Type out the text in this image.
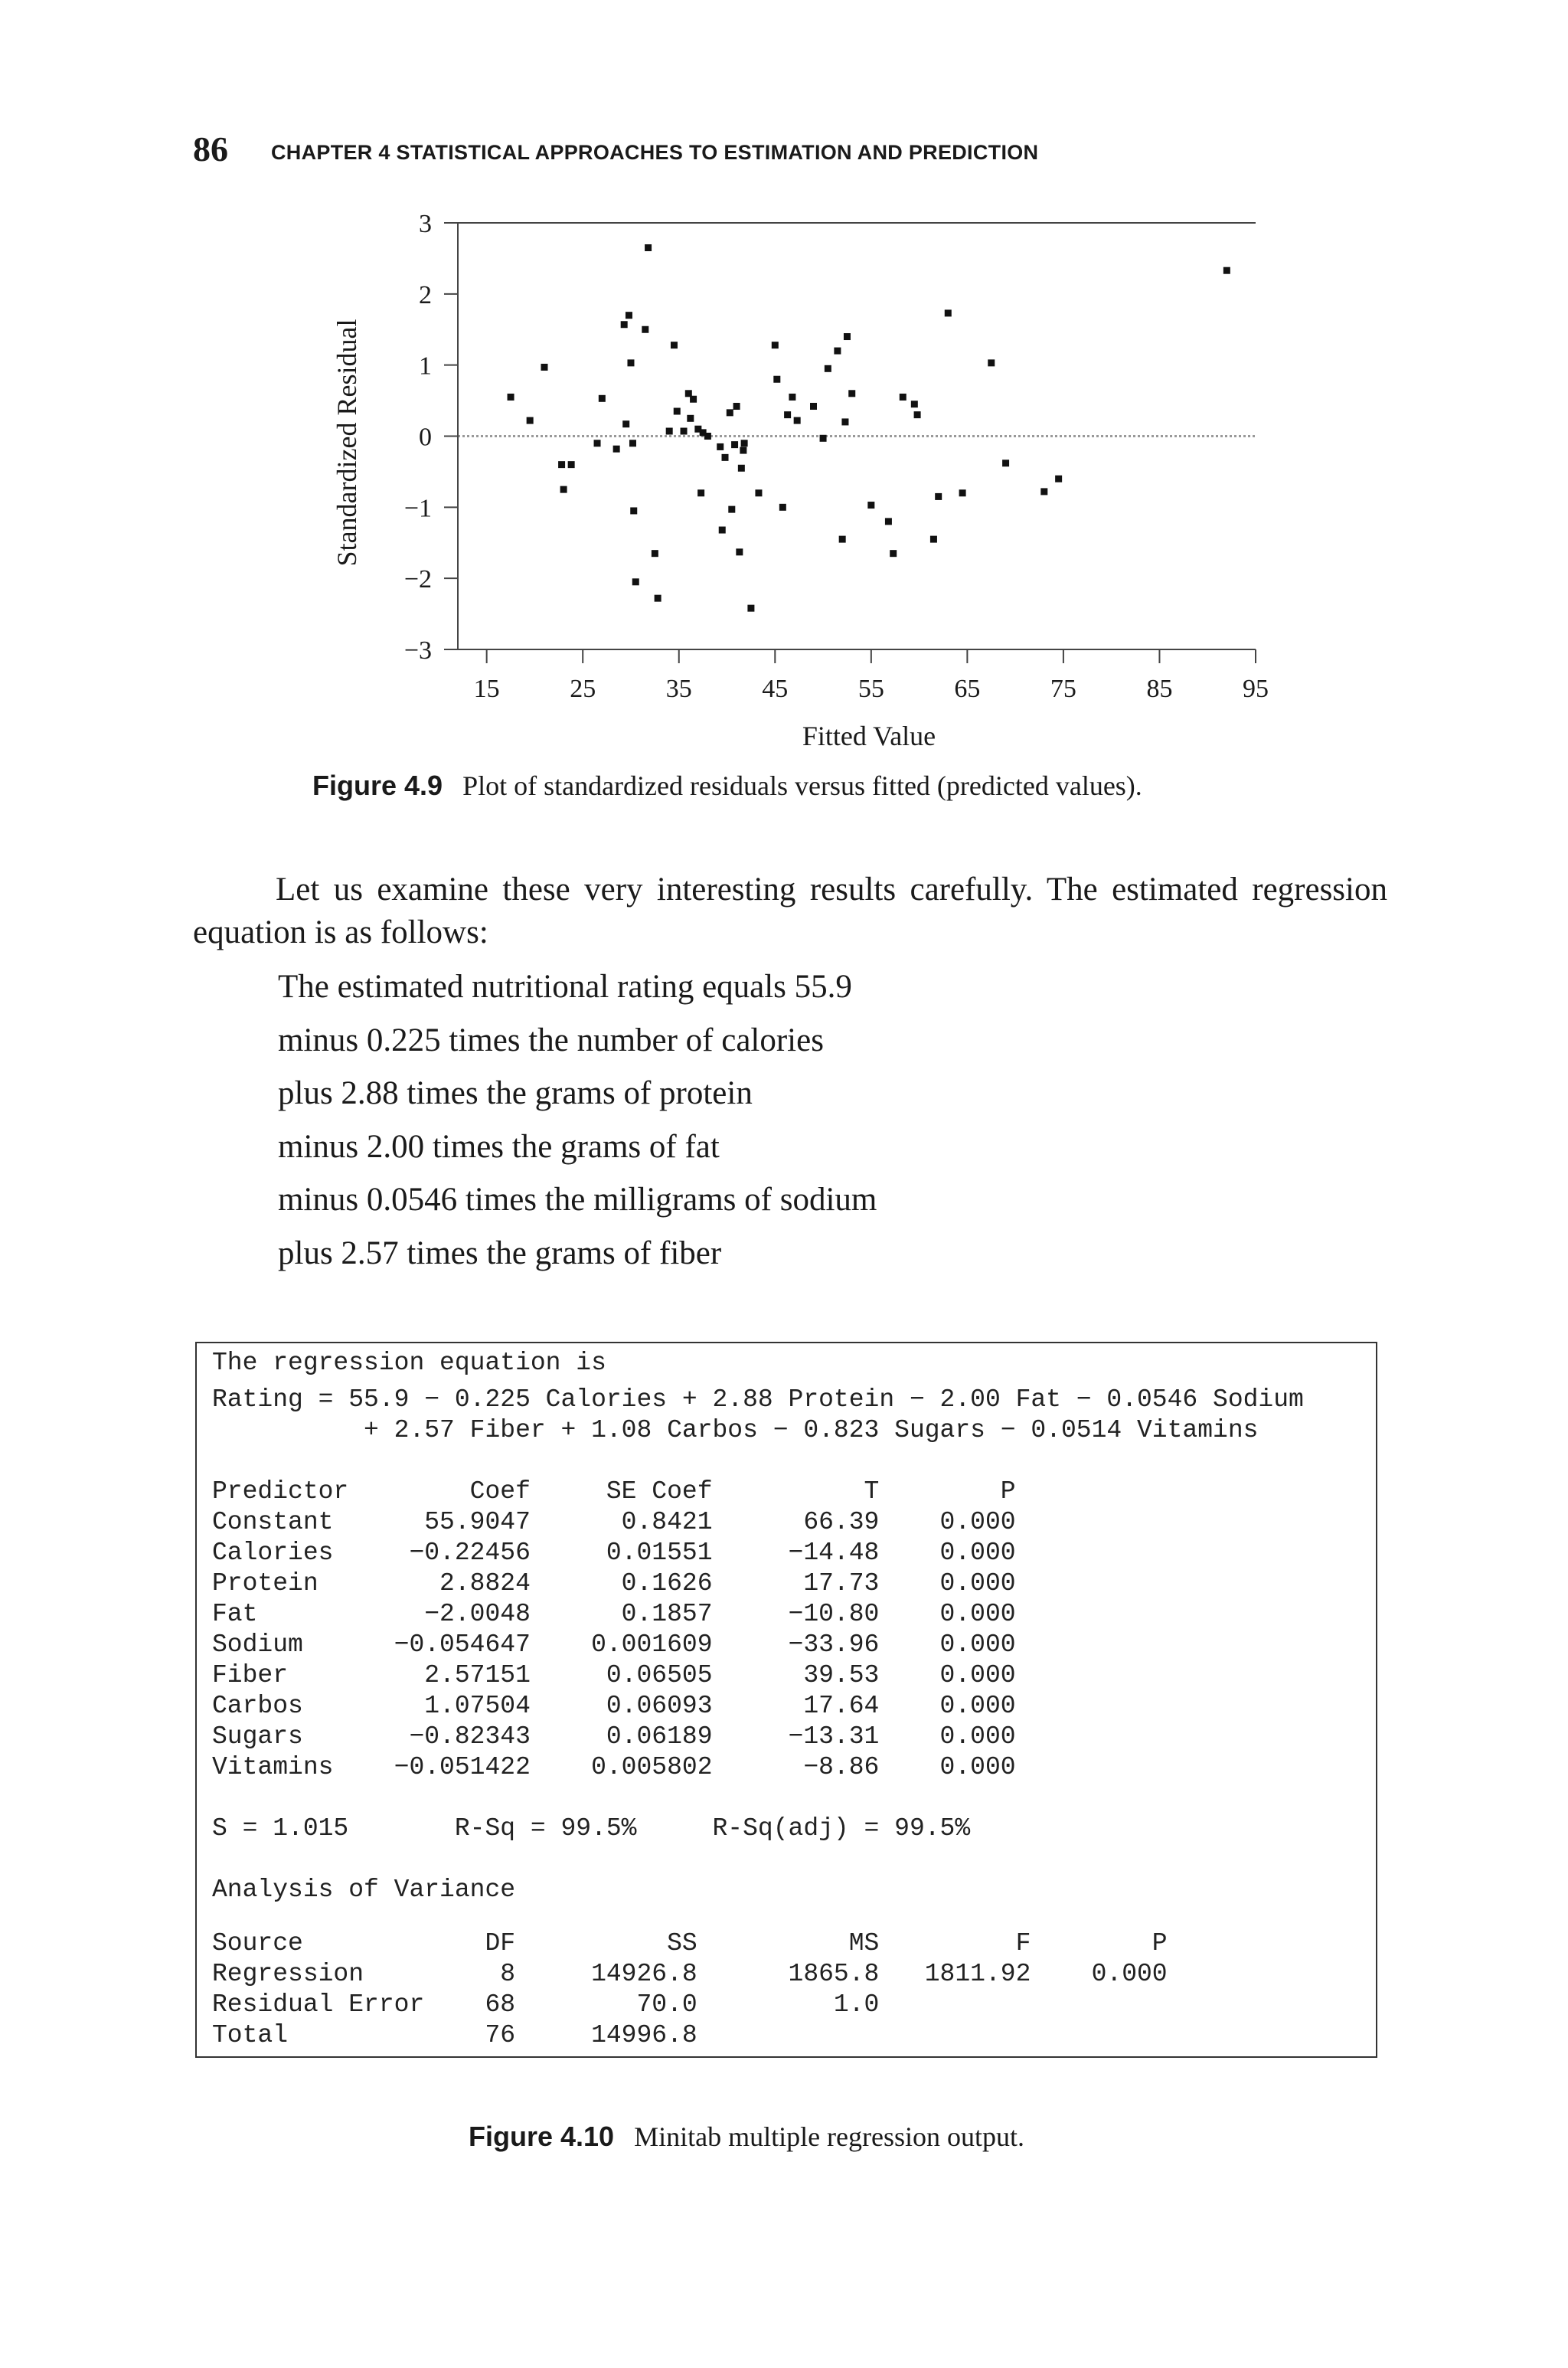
86 CHAPTER 4 STATISTICAL APPROACHES TO ESTIMATION AND PREDICTION
3
2
1
0
−1
−2
−3
15	25	35	45	55	65	75	85	95
Fitted Value
Standardized Residual
Figure 4.9 Plot of standardized residuals versus fitted (predicted values).
Let us examine these very interesting results carefully. The estimated regression equation is as follows:
The estimated nutritional rating equals 55.9
minus 0.225 times the number of calories
plus 2.88 times the grams of protein
minus 2.00 times the grams of fat
minus 0.0546 times the milligrams of sodium
plus 2.57 times the grams of fiber
The regression equation is
Rating = 55.9 − 0.225 Calories + 2.88 Protein − 2.00 Fat − 0.0546 Sodium
+ 2.57 Fiber + 1.08 Carbos − 0.823 Sugars − 0.0514 Vitamins
Predictor        Coef     SE Coef          T        P
Constant      55.9047      0.8421      66.39    0.000
Calories     −0.22456     0.01551     −14.48    0.000
Protein        2.8824      0.1626      17.73    0.000
Fat           −2.0048      0.1857     −10.80    0.000
Sodium      −0.054647    0.001609     −33.96    0.000
Fiber         2.57151     0.06505      39.53    0.000
Carbos        1.07504     0.06093      17.64    0.000
Sugars       −0.82343     0.06189     −13.31    0.000
Vitamins    −0.051422    0.005802      −8.86    0.000
S = 1.015       R-Sq = 99.5%     R-Sq(adj) = 99.5%
Analysis of Variance
Source            DF          SS          MS         F        P
Regression         8     14926.8      1865.8   1811.92    0.000
Residual Error    68        70.0         1.0
Total             76     14996.8
Figure 4.10 Minitab multiple regression output.
